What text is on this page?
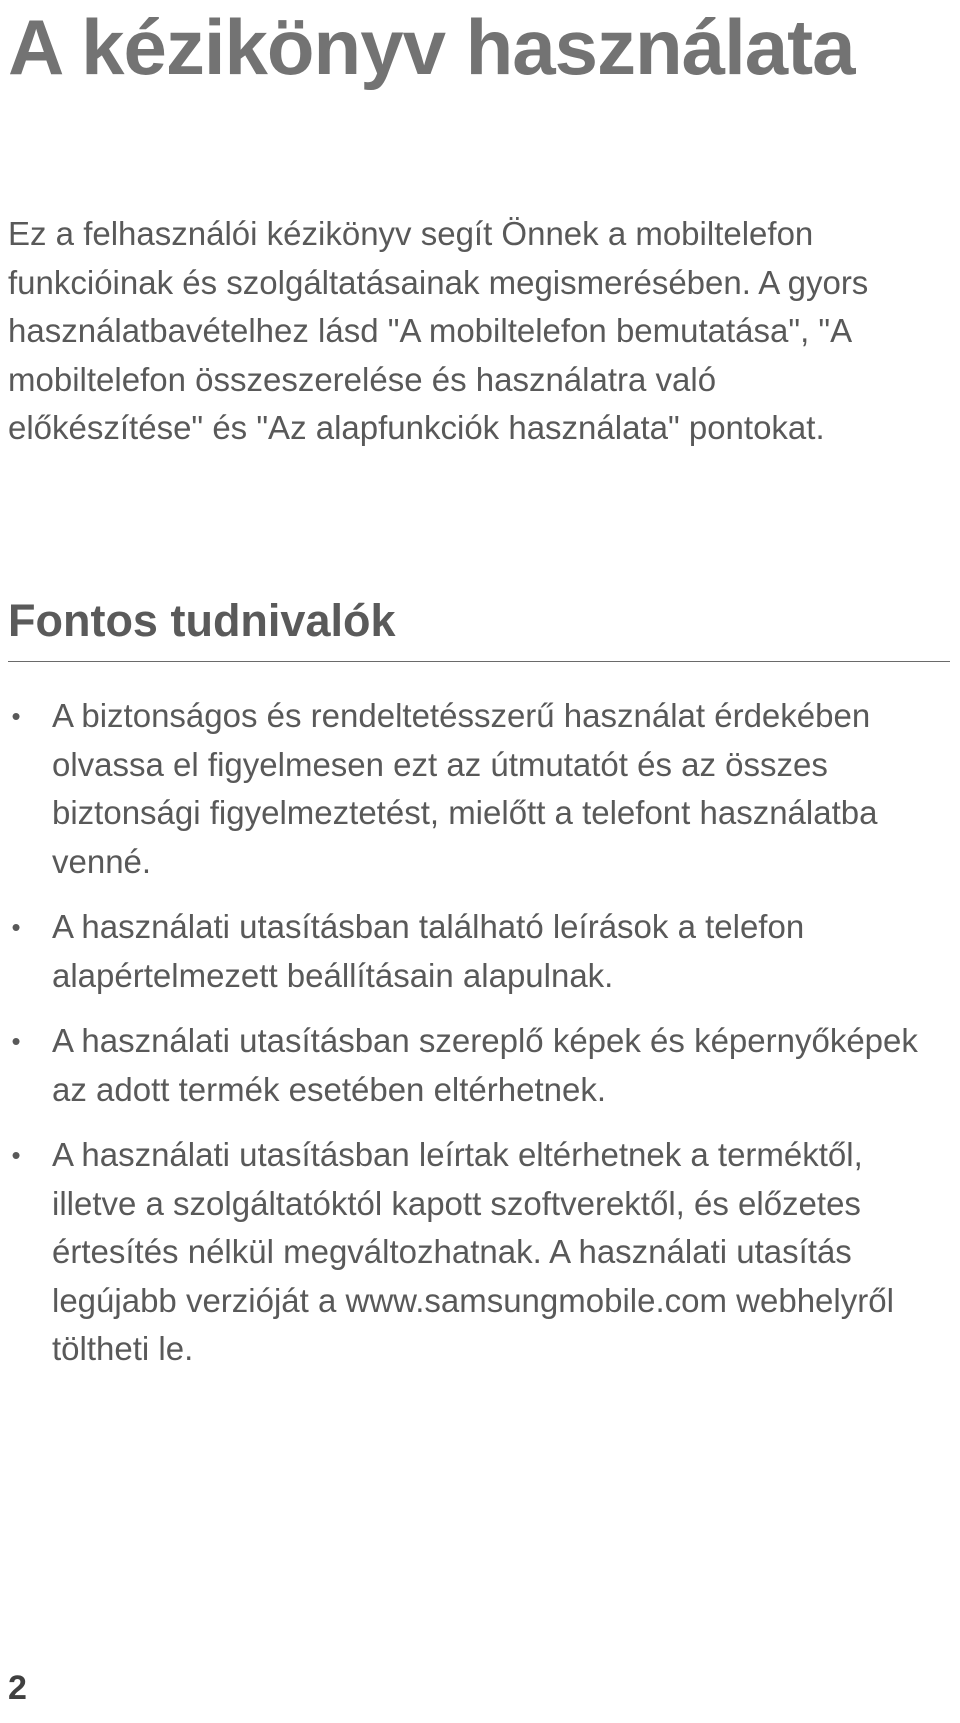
A kézikönyv használata

Ez a felhasználói kézikönyv segít Önnek a mobiltelefon funkcióinak és szolgáltatásainak megismerésében. A gyors használatbavételhez lásd "A mobiltelefon bemutatása", "A mobiltelefon összeszerelése és használatra való előkészítése" és "Az alapfunkciók használata" pontokat.

Fontos tudnivalók
• A biztonságos és rendeltetésszerű használat érdekében olvassa el figyelmesen ezt az útmutatót és az összes biztonsági figyelmeztetést, mielőtt a telefont használatba venné.
• A használati utasításban található leírások a telefon alapértelmezett beállításain alapulnak.
• A használati utasításban szereplő képek és képernyőképek az adott termék esetében eltérhetnek.
• A használati utasításban leírtak eltérhetnek a terméktől, illetve a szolgáltatóktól kapott szoftverektől, és előzetes értesítés nélkül megváltozhatnak. A használati utasítás legújabb verzióját a www.samsungmobile.com webhelyről töltheti le.
2
